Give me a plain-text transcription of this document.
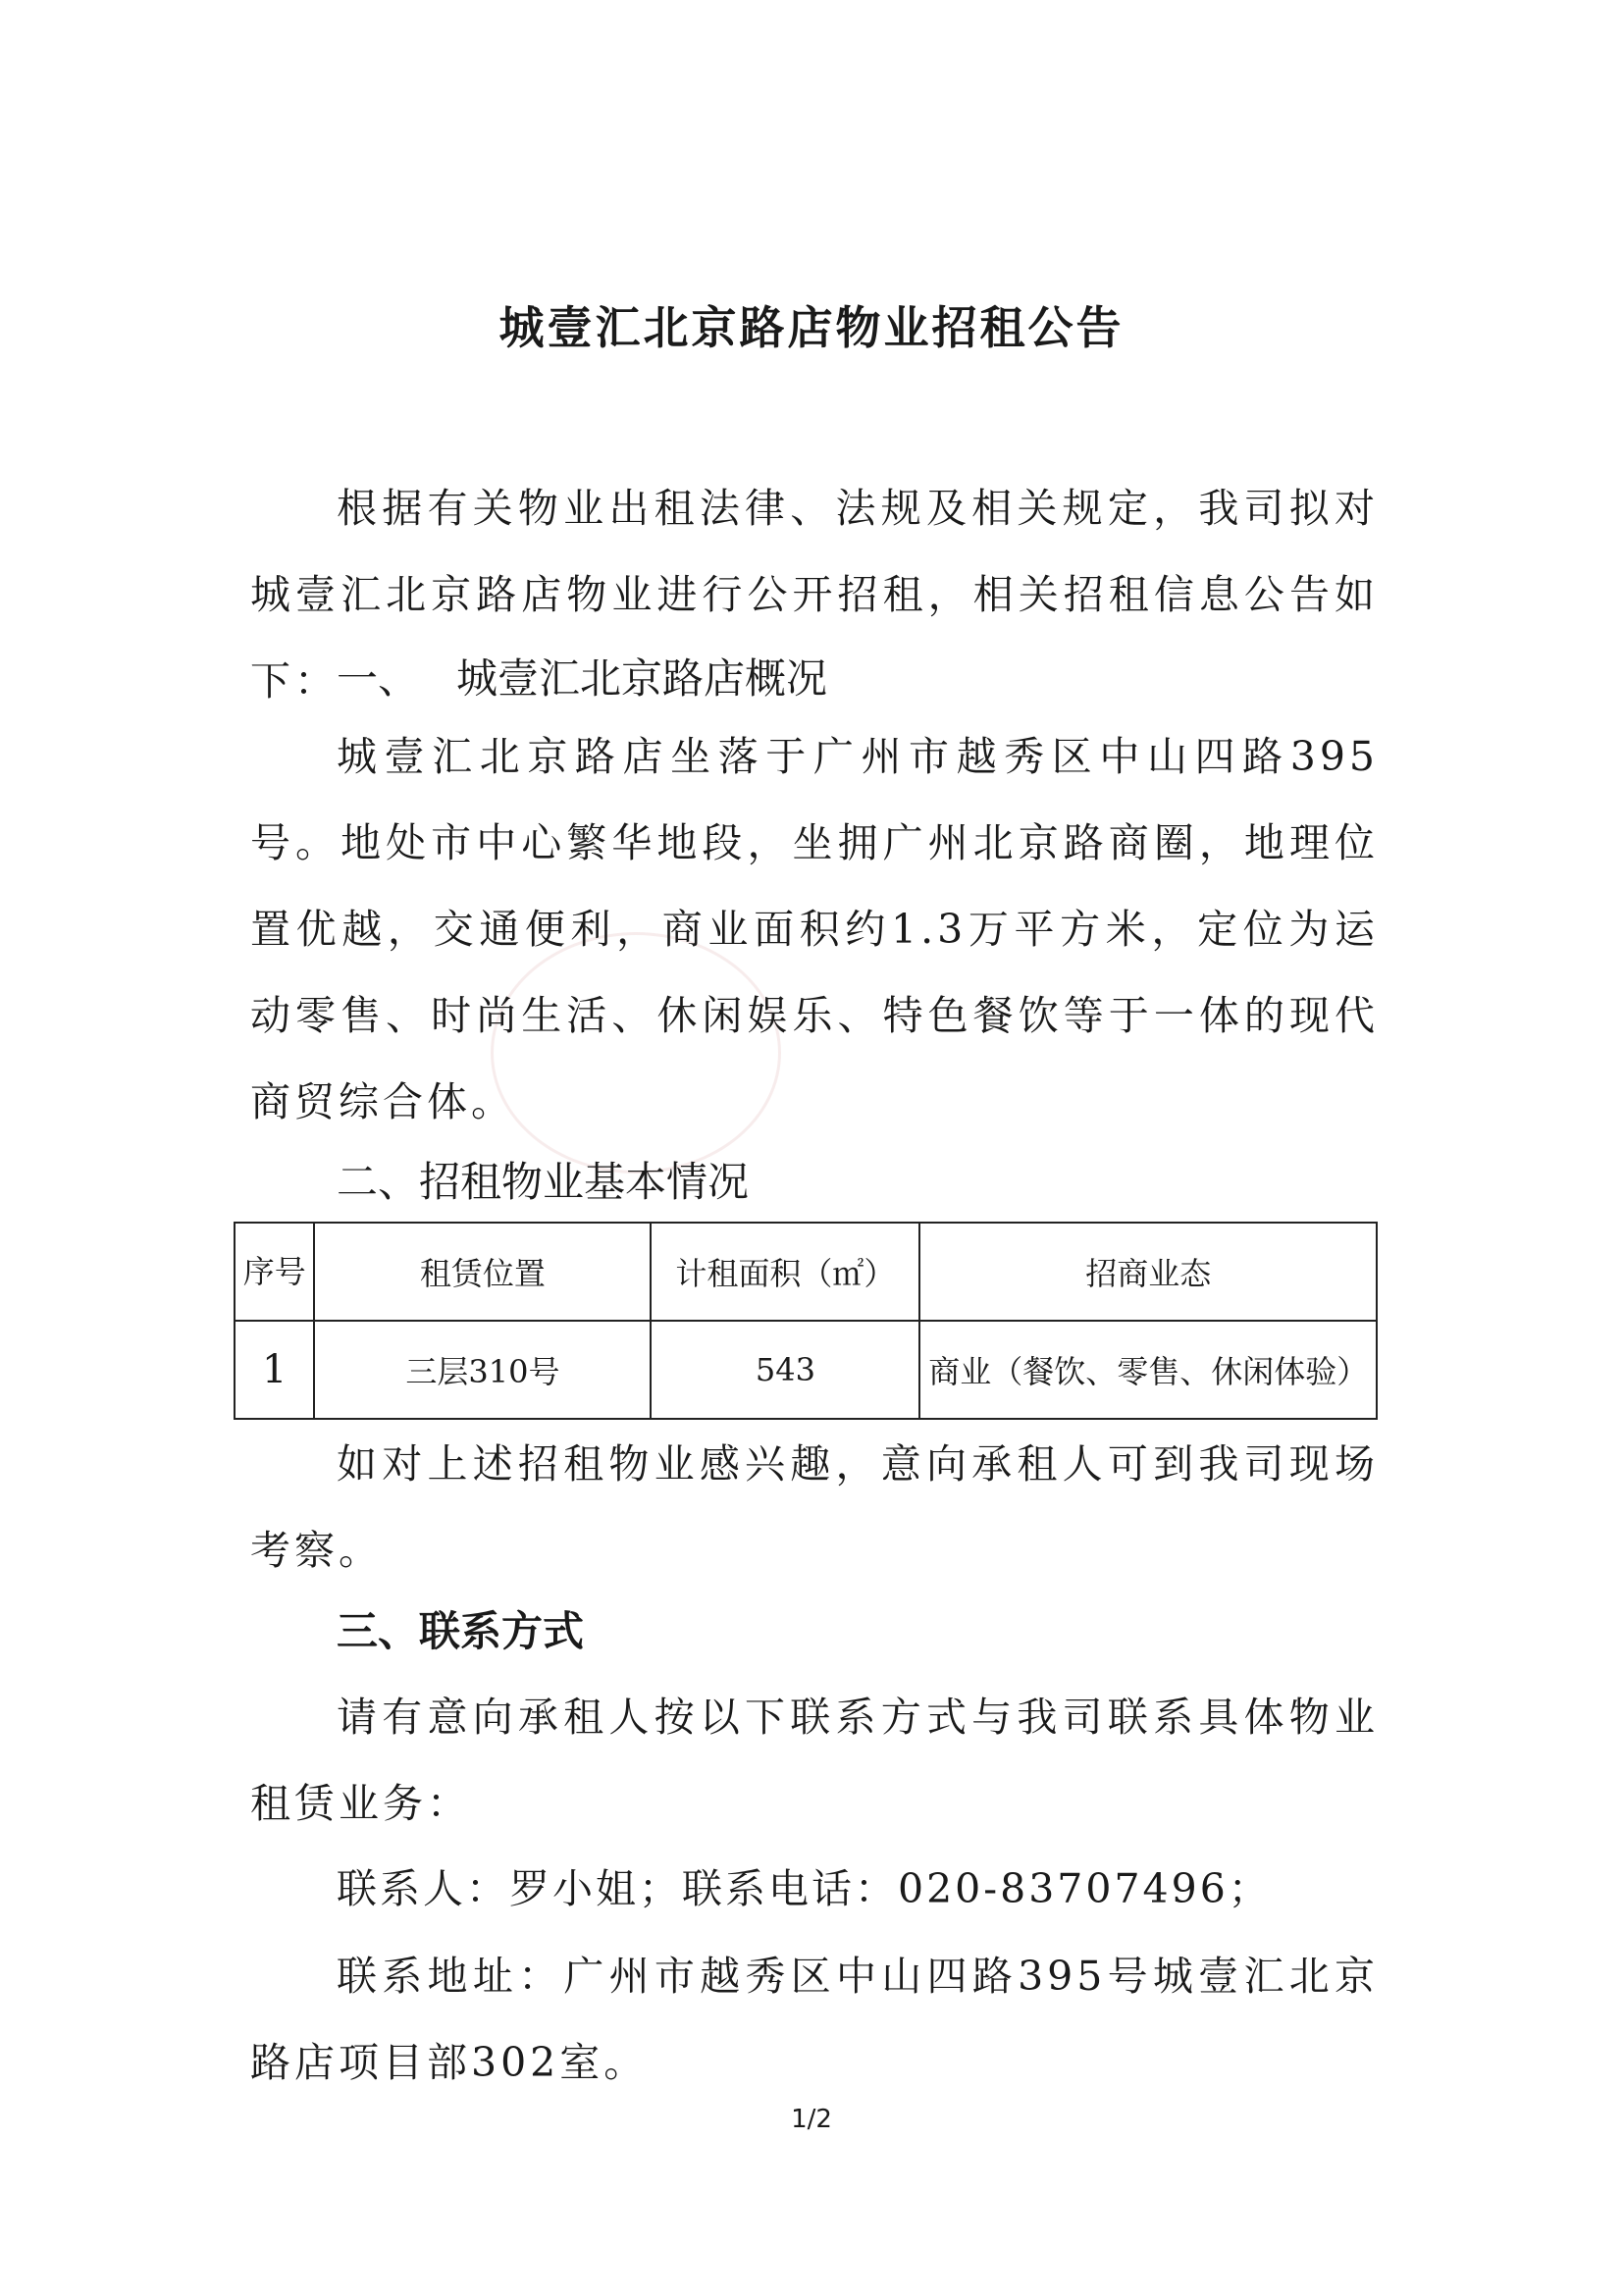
城壹汇北京路店物业招租公告
根据有关物业出租法律、法规及相关规定，我司拟对城壹汇北京路店物业进行公开招租，相关招租信息公告如下：
一、 城壹汇北京路店概况
城壹汇北京路店坐落于广州市越秀区中山四路395号。地处市中心繁华地段，坐拥广州北京路商圈，地理位置优越，交通便利，商业面积约1.3万平方米，定位为运动零售、时尚生活、休闲娱乐、特色餐饮等于一体的现代商贸综合体。
二、招租物业基本情况
序号	租赁位置	计租面积（㎡）	招商业态
1	三层310号	543	商业（餐饮、零售、休闲体验）
如对上述招租物业感兴趣，意向承租人可到我司现场考察。
三、联系方式
请有意向承租人按以下联系方式与我司联系具体物业租赁业务：
联系人：罗小姐；联系电话：020-83707496；
联系地址：广州市越秀区中山四路395号城壹汇北京路店项目部302室。
1/2
